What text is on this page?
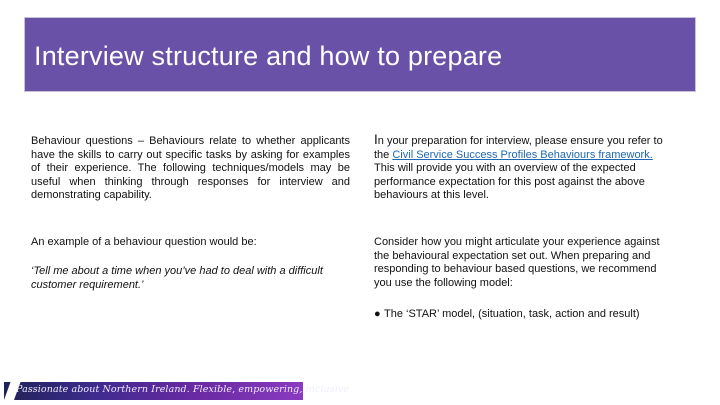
Interview structure and how to prepare
Behaviour questions – Behaviours relate to whether applicants have the skills to carry out specific tasks by asking for examples of their experience. The following techniques/models may be useful when thinking through responses for interview and demonstrating capability.
An example of a behaviour question would be:
‘Tell me about a time when you’ve had to deal with a difficult customer requirement.’
In your preparation for interview, please ensure you refer to the Civil Service Success Profiles Behaviours framework. This will provide you with an overview of the expected performance expectation for this post against the above behaviours at this level.
Consider how you might articulate your experience against the behavioural expectation set out. When preparing and responding to behaviour based questions, we recommend you use the following model:
● The ‘STAR’ model, (situation, task, action and result)

Passionate about Northern Ireland. Flexible, empowering, inclusive
